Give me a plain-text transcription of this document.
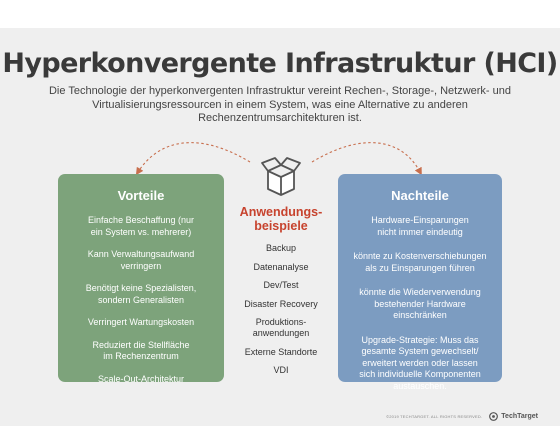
Hyperkonvergente Infrastruktur (HCI)
Die Technologie der hyperkonvergenten Infrastruktur vereint Rechen-, Storage-, Netzwerk- und Virtualisierungsressourcen in einem System, was eine Alternative zu anderen Rechenzentrumsarchitekturen ist.
Vorteile
Einfache Beschaffung (nur
ein System vs. mehrerer)
Kann Verwaltungsaufwand
verringern
Benötigt keine Spezialisten,
sondern Generalisten
Verringert Wartungskosten
Reduziert die Stellfläche
im Rechenzentrum
Scale-Out-Architektur
Anwendungs-
beispiele
Backup
Datenanalyse
Dev/Test
Disaster Recovery
Produktions-
anwendungen
Externe Standorte
VDI
Nachteile
Hardware-Einsparungen
nicht immer eindeutig
könnte zu Kostenverschiebungen
als zu Einsparungen führen
könnte die Wiederverwendung
bestehender Hardware
einschränken
Upgrade-Strategie: Muss das
gesamte System gewechselt/
erweitert werden oder lassen
sich individuelle Komponenten
austauschen.
©2019 TECHTARGET. ALL RIGHTS RESERVED.	TechTarget
